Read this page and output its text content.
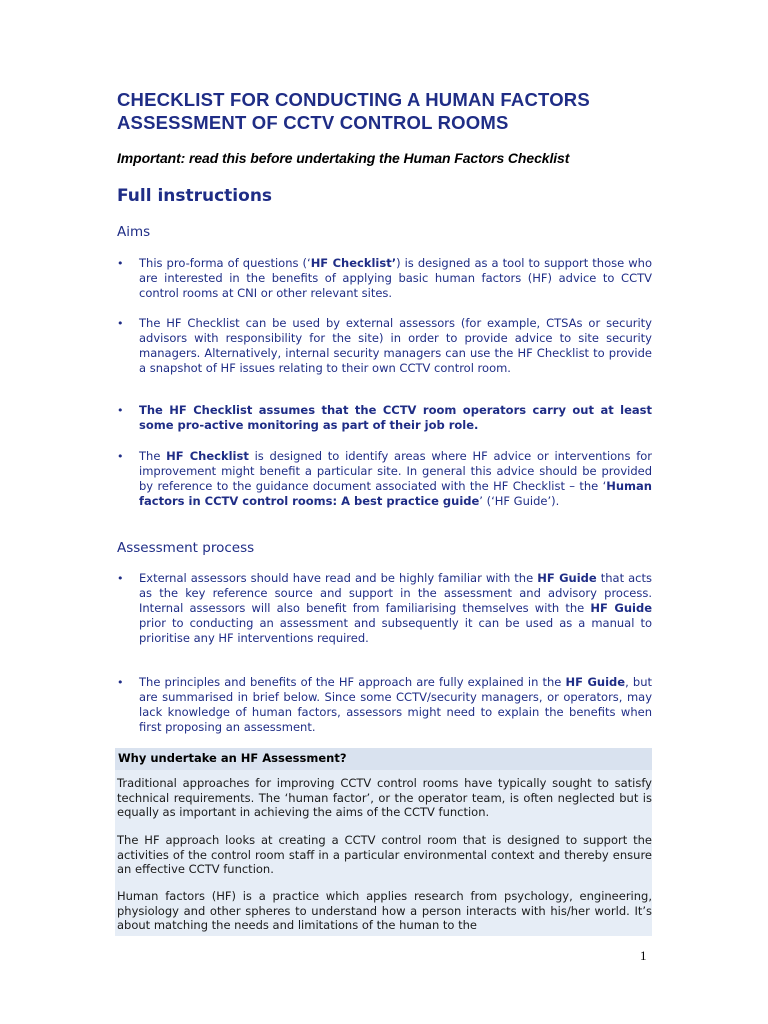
CHECKLIST FOR CONDUCTING A HUMAN FACTORS ASSESSMENT OF CCTV CONTROL ROOMS

Important: read this before undertaking the Human Factors Checklist

Full instructions
Aims
•	This pro-forma of questions (‘HF Checklist’) is designed as a tool to support those who are interested in the benefits of applying basic human factors (HF) advice to CCTV control rooms at CNI or other relevant sites.
•	The HF Checklist can be used by external assessors (for example, CTSAs or security advisors with responsibility for the site) in order to provide advice to site security managers. Alternatively, internal security managers can use the HF Checklist to provide a snapshot of HF issues relating to their own CCTV control room.
•	The HF Checklist assumes that the CCTV room operators carry out at least some pro-active monitoring as part of their job role.
•	The HF Checklist is designed to identify areas where HF advice or interventions for improvement might benefit a particular site. In general this advice should be provided by reference to the guidance document associated with the HF Checklist – the ‘Human factors in CCTV control rooms: A best practice guide’ (‘HF Guide’).
Assessment process
•	External assessors should have read and be highly familiar with the HF Guide that acts as the key reference source and support in the assessment and advisory process. Internal assessors will also benefit from familiarising themselves with the HF Guide prior to conducting an assessment and subsequently it can be used as a manual to prioritise any HF interventions required.
•	The principles and benefits of the HF approach are fully explained in the HF Guide, but are summarised in brief below. Since some CCTV/security managers, or operators, may lack knowledge of human factors, assessors might need to explain the benefits when first proposing an assessment.
Why undertake an HF Assessment?

Traditional approaches for improving CCTV control rooms have typically sought to satisfy technical requirements. The ‘human factor’, or the operator team, is often neglected but is equally as important in achieving the aims of the CCTV function.

The HF approach looks at creating a CCTV control room that is designed to support the activities of the control room staff in a particular environmental context and thereby ensure an effective CCTV function.

Human factors (HF) is a practice which applies research from psychology, engineering, physiology and other spheres to understand how a person interacts with his/her world. It’s about matching the needs and limitations of the human to the

1
